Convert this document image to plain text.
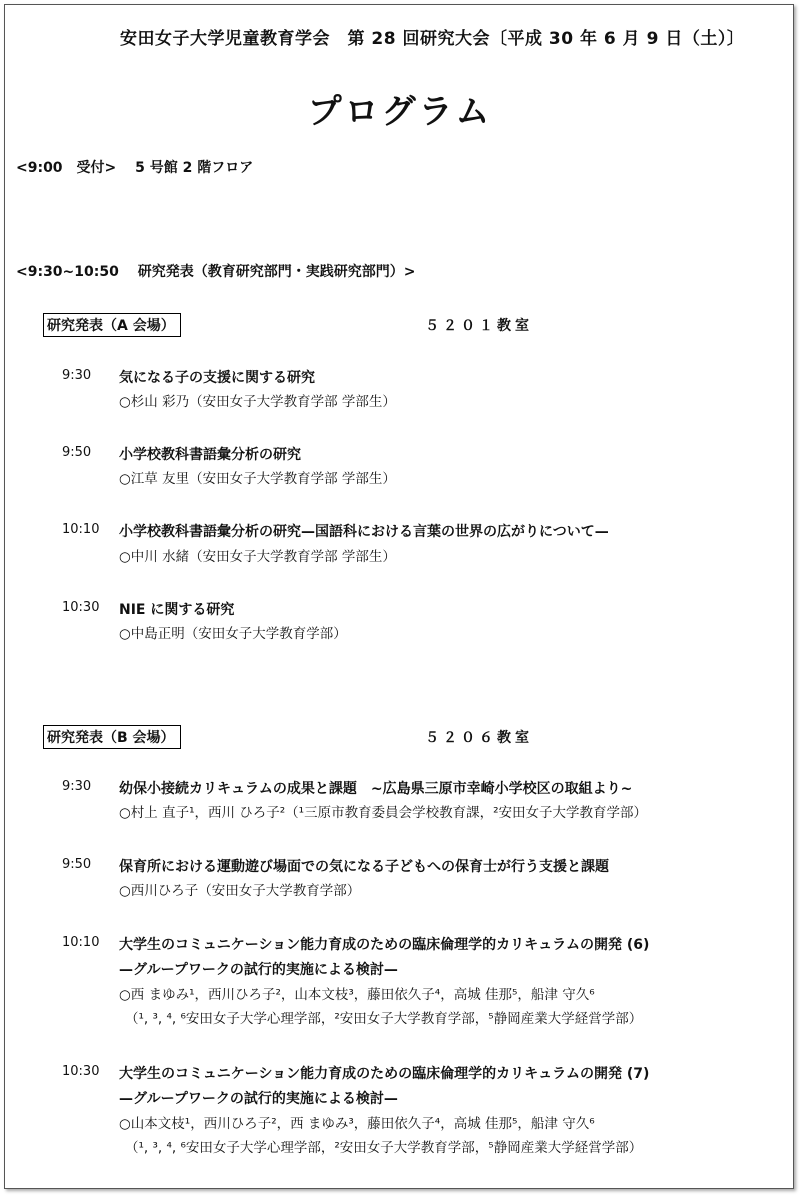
安田女子大学児童教育学会　第 28 回研究大会〔平成 30 年 6 月 9 日（土）〕
プログラム
<9:00　受付>　 5 号館 2 階フロア
<9:30~10:50　 研究発表（教育研究部門・実践研究部門）>
研究発表（A 会場）	５２０１教室
9:30	気になる子の支援に関する研究
○杉山 彩乃（安田女子大学教育学部 学部生）
9:50	小学校教科書語彙分析の研究
○江草 友里（安田女子大学教育学部 学部生）
10:10	小学校教科書語彙分析の研究—国語科における言葉の世界の広がりについて—
○中川 水緒（安田女子大学教育学部 学部生）
10:30	NIE に関する研究
○中島正明（安田女子大学教育学部）
研究発表（B 会場）	５２０６教室
9:30	幼保小接続カリキュラムの成果と課題　~広島県三原市幸崎小学校区の取組より~
○村上 直子¹，西川 ひろ子²（¹三原市教育委員会学校教育課，²安田女子大学教育学部）
9:50	保育所における運動遊び場面での気になる子どもへの保育士が行う支援と課題
○西川ひろ子（安田女子大学教育学部）
10:10	大学生のコミュニケーション能力育成のための臨床倫理学的カリキュラムの開発 (6)
—グループワークの試行的実施による検討—
○西 まゆみ¹，西川ひろ子²，山本文枝³，藤田依久子⁴，高城 佳那⁵，船津 守久⁶
（¹, ³, ⁴, ⁶安田女子大学心理学部，²安田女子大学教育学部，⁵静岡産業大学経営学部）
10:30	大学生のコミュニケーション能力育成のための臨床倫理学的カリキュラムの開発 (7)
—グループワークの試行的実施による検討—
○山本文枝¹，西川ひろ子²，西 まゆみ³，藤田依久子⁴，高城 佳那⁵，船津 守久⁶
（¹, ³, ⁴, ⁶安田女子大学心理学部，²安田女子大学教育学部，⁵静岡産業大学経営学部）
